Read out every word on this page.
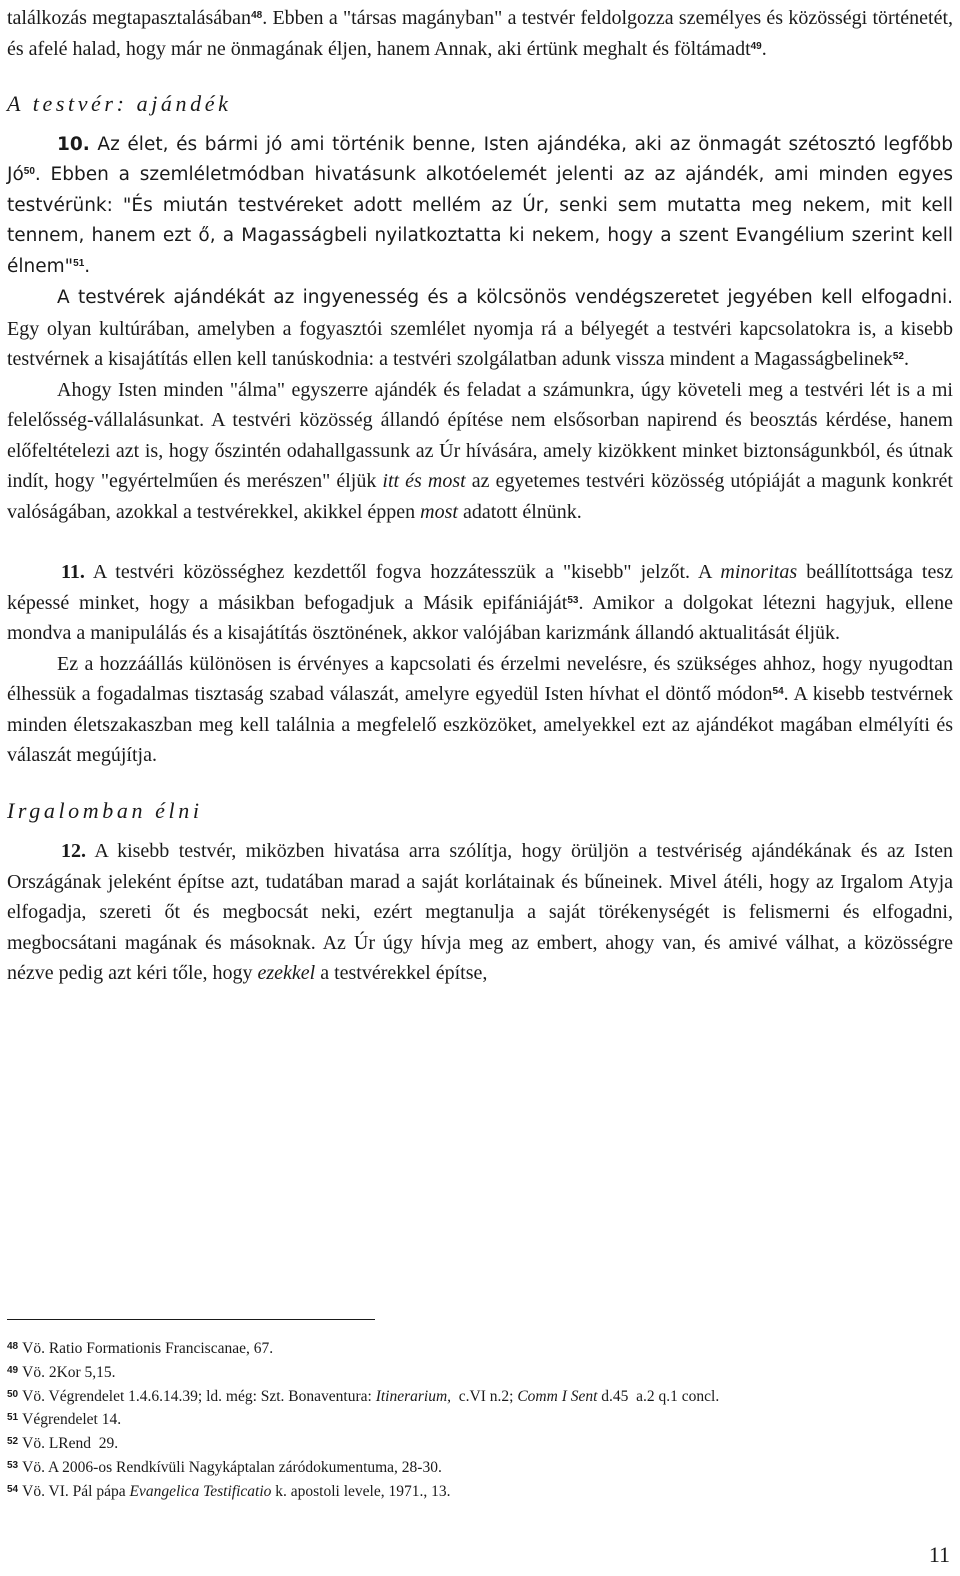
találkozás megtapasztalásában$^{48}$. Ebben a "társas magányban" a testvér feldolgozza személyes és közösségi történetét, és afelé halad, hogy már ne önmagának éljen, hanem Annak, aki értünk meghalt és föltámadt$^{49}$.

A testvér: ajándék

10. Az élet, és bármi jó ami történik benne, Isten ajándéka, aki az önmagát szétosztó legfőbb Jó$^{50}$. Ebben a szemléletmódban hivatásunk alkotóelemét jelenti az az ajándék, ami minden egyes testvérünk: "És miután testvéreket adott mellém az Úr, senki sem mutatta meg nekem, mit kell tennem, hanem ezt ő, a Magasságbeli nyilatkoztatta ki nekem, hogy a szent Evangélium szerint kell élnem"$^{51}$.

A testvérek ajándékát az ingyenesség és a kölcsönös vendégszeretet jegyében kell elfogadni. Egy olyan kultúrában, amelyben a fogyasztói szemlélet nyomja rá a bélyegét a testvéri kapcsolatokra is, a kisebb testvérnek a kisajátítás ellen kell tanúskodnia: a testvéri szolgálatban adunk vissza mindent a Magasságbelinek$^{52}$.

Ahogy Isten minden "álma" egyszerre ajándék és feladat a számunkra, úgy követeli meg a testvéri lét is a mi felelősség-vállalásunkat. A testvéri közösség állandó építése nem elsősorban napirend és beosztás kérdése, hanem előfeltételezi azt is, hogy őszintén odahallgassunk az Úr hívására, amely kizökkent minket biztonságunkból, és útnak indít, hogy "egyértelműen és merészen" éljük itt és most az egyetemes testvéri közösség utópiáját a magunk konkrét valóságában, azokkal a testvérekkel, akikkel éppen most adatott élnünk.

11. A testvéri közösséghez kezdettől fogva hozzátesszük a "kisebb" jelzőt. A minoritas beállítottsága tesz képessé minket, hogy a másikban befogadjuk a Másik epifániáját$^{53}$. Amikor a dolgokat létezni hagyjuk, ellene mondva a manipulálás és a kisajátítás ösztönének, akkor valójában karizmánk állandó aktualitását éljük.

Ez a hozzáállás különösen is érvényes a kapcsolati és érzelmi nevelésre, és szükséges ahhoz, hogy nyugodtan élhessük a fogadalmas tisztaság szabad válaszát, amelyre egyedül Isten hívhat el döntő módon$^{54}$. A kisebb testvérnek minden életszakaszban meg kell találnia a megfelelő eszközöket, amelyekkel ezt az ajándékot magában elmélyíti és válaszát megújítja.

Irgalomban élni

12. A kisebb testvér, miközben hivatása arra szólítja, hogy örüljön a testvériség ajándékának és az Isten Országának jeleként építse azt, tudatában marad a saját korlátainak és bűneinek. Mivel átéli, hogy az Irgalom Atyja elfogadja, szereti őt és megbocsát neki, ezért megtanulja a saját törékenységét is felismerni és elfogadni, megbocsátani magának és másoknak. Az Úr úgy hívja meg az embert, ahogy van, és amivé válhat, a közösségre nézve pedig azt kéri tőle, hogy ezekkel a testvérekkel építse,

$^{48}$ Vö. Ratio Formationis Franciscanae, 67.
$^{49}$ Vö. 2Kor 5,15.
$^{50}$ Vö. Végrendelet 1.4.6.14.39; ld. még: Szt. Bonaventura: Itinerarium,  c.VI n.2; Comm I Sent d.45  a.2 q.1 concl.
$^{51}$ Végrendelet 14.
$^{52}$ Vö. LRend  29.
$^{53}$ Vö. A 2006-os Rendkívüli Nagykáptalan záródokumentuma, 28-30.
$^{54}$ Vö. VI. Pál pápa Evangelica Testificatio k. apostoli levele, 1971., 13.
11
